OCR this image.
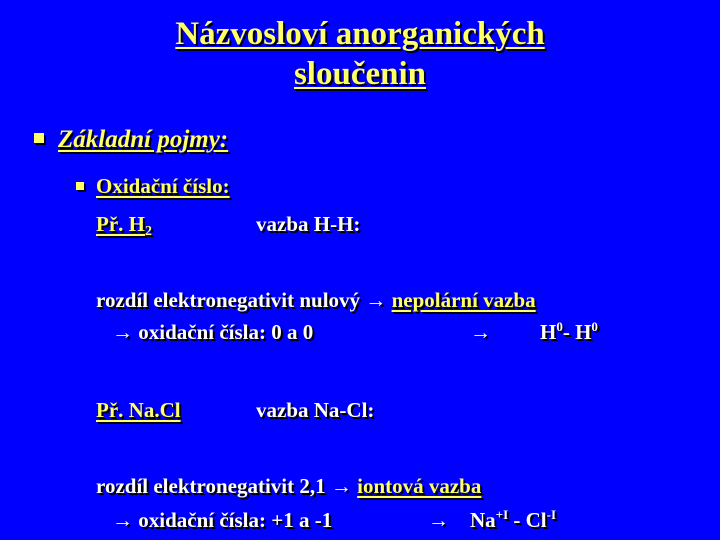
Názvosloví anorganických
sloučenin
Základní pojmy:
Oxidační číslo:
Př. $H_2$	vazba H-H:
rozdíl elektronegativit nulový → nepolární vazba
→ oxidační čísla: 0 a 0	→ $H^0-$ $H^0$
Př. Na.Cl	vazba Na-Cl:
rozdíl elektronegativit 2,1 → iontová vazba
→ oxidační čísla: +1 a -1	→ $Na^{+I} - Cl^{-I}$
